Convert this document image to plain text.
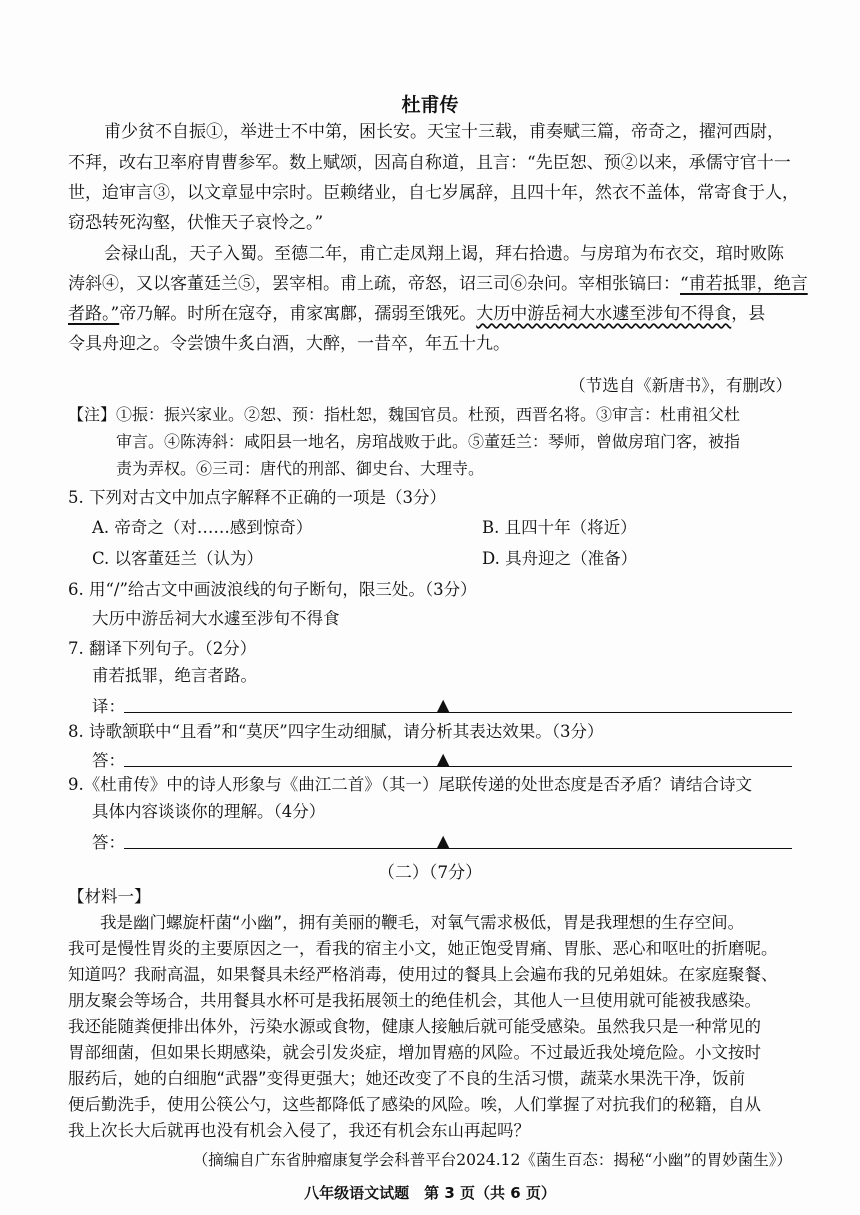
杜甫传
甫少贫不自振①，举进士不中第，困长安。天宝十三载，甫奏赋三篇，帝奇之，擢河西尉，
不拜，改右卫率府胄曹参军。数上赋颂，因高自称道，且言：“先臣恕、预②以来，承儒守官十一
世，迨审言③，以文章显中宗时。臣赖绪业，自七岁属辞，且四十年，然衣不盖体，常寄食于人，
窃恐转死沟壑，伏惟天子哀怜之。”
会禄山乱，天子入蜀。至德二年，甫亡走凤翔上谒，拜右拾遗。与房琯为布衣交，琯时败陈
涛斜④，又以客董廷兰⑤，罢宰相。甫上疏，帝怒，诏三司⑥杂问。宰相张镐曰：“甫若抵罪，绝言
者路。”帝乃解。时所在寇夺，甫家寓鄜，孺弱至饿死。大历中游岳祠大水遽至涉旬不得食，县
令具舟迎之。令尝馈牛炙白酒，大醉，一昔卒，年五十九。
（节选自《新唐书》，有删改）
【注】①振：振兴家业。②恕、预：指杜恕，魏国官员。杜预，西晋名将。③审言：杜甫祖父杜
审言。④陈涛斜：咸阳县一地名，房琯战败于此。⑤董廷兰：琴师，曾做房琯门客，被指
责为弄权。⑥三司：唐代的刑部、御史台、大理寺。
5. 下列对古文中加点字解释不正确的一项是（3分）
A. 帝奇之（对……感到惊奇）	B. 且四十年（将近）
C. 以客董廷兰（认为）	D. 具舟迎之（准备）
6. 用“/”给古文中画波浪线的句子断句，限三处。（3分）
大历中游岳祠大水遽至涉旬不得食
7. 翻译下列句子。（2分）
甫若抵罪，绝言者路。
译：	▲
8. 诗歌颔联中“且看”和“莫厌”四字生动细腻，请分析其表达效果。（3分）
答：	▲
9.《杜甫传》中的诗人形象与《曲江二首》（其一）尾联传递的处世态度是否矛盾？请结合诗文
具体内容谈谈你的理解。（4分）
答：	▲
（二）（7分）
【材料一】
我是幽门螺旋杆菌“小幽”，拥有美丽的鞭毛，对氧气需求极低，胃是我理想的生存空间。
我可是慢性胃炎的主要原因之一，看我的宿主小文，她正饱受胃痛、胃胀、恶心和呕吐的折磨呢。
知道吗？我耐高温，如果餐具未经严格消毒，使用过的餐具上会遍布我的兄弟姐妹。在家庭聚餐、
朋友聚会等场合，共用餐具水杯可是我拓展领土的绝佳机会，其他人一旦使用就可能被我感染。
我还能随粪便排出体外，污染水源或食物，健康人接触后就可能受感染。虽然我只是一种常见的
胃部细菌，但如果长期感染，就会引发炎症，增加胃癌的风险。不过最近我处境危险。小文按时
服药后，她的白细胞“武器”变得更强大；她还改变了不良的生活习惯，蔬菜水果洗干净，饭前
便后勤洗手，使用公筷公勺，这些都降低了感染的风险。唉，人们掌握了对抗我们的秘籍，自从
我上次长大后就再也没有机会入侵了，我还有机会东山再起吗？
（摘编自广东省肿瘤康复学会科普平台2024.12《菌生百态：揭秘“小幽”的胃妙菌生》）
八年级语文试题　第 3 页（共 6 页）
